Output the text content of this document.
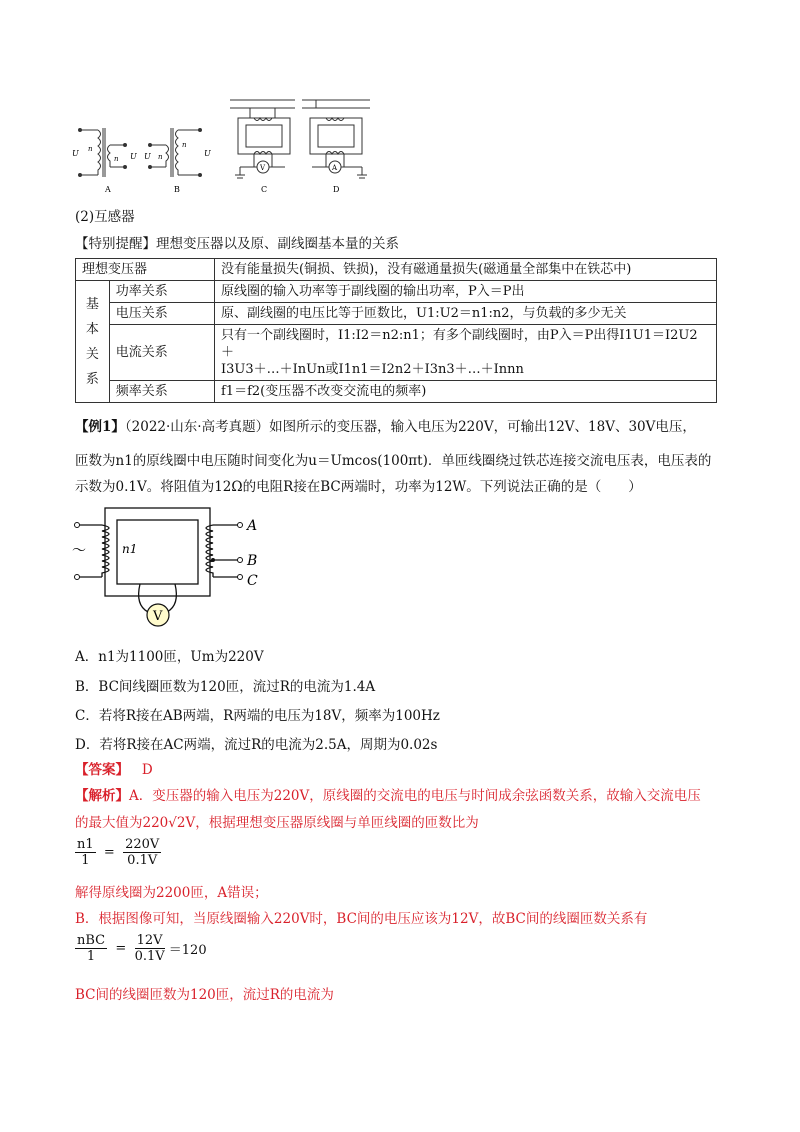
U n
n U
A
U n
n
U
B
V
C
A
D
(2)互感器
【特别提醒】理想变压器以及原、副线圈基本量的关系
理想变压器		没有能量损失(铜损、铁损)，没有磁通量损失(磁通量全部集中在铁芯中)

基
本
关
系	功率关系	原线圈的输入功率等于副线圈的输出功率，P入＝P出
	电压关系	原、副线圈的电压比等于匝数比，U1:U2＝n1:n2，与负载的多少无关
	电流关系	只有一个副线圈时，I1:I2＝n2:n1；有多个副线圈时，由P入＝P出得I1U1＝I2U2＋
I3U3＋…＋InUn或I1n1＝I2n2＋I3n3＋…＋Innn

	频率关系	f1＝f2(变压器不改变交流电的频率)
【例1】（2022·山东·高考真题）如图所示的变压器，输入电压为220V，可输出12V、18V、30V电压，
匝数为n1的原线圈中电压随时间变化为u＝Umcos(100πt)．单匝线圈绕过铁芯连接交流电压表，电压表的
示数为0.1V。将阻值为12Ω的电阻R接在BC两端时，功率为12W。下列说法正确的是（　　）
V
～	n1
A
B
C
A．n1为1100匝，Um为220V
B．BC间线圈匝数为120匝，流过R的电流为1.4A
C．若将R接在AB两端，R两端的电压为18V，频率为100Hz
D．若将R接在AC两端，流过R的电流为2.5A，周期为0.02s
【答案】 D
【解析】A．变压器的输入电压为220V，原线圈的交流电的电压与时间成余弦函数关系，故输入交流电压
的最大值为220√2V，根据理想变压器原线圈与单匝线圈的匝数比为
$\frac{n1}{1} = \frac{220V}{0.1V}$
解得原线圈为2200匝，A错误；
B．根据图像可知，当原线圈输入220V时，BC间的电压应该为12V，故BC间的线圈匝数关系有
nBC
1
= $\frac{12V}{0.1V} =120$
BC间的线圈匝数为120匝，流过R的电流为
